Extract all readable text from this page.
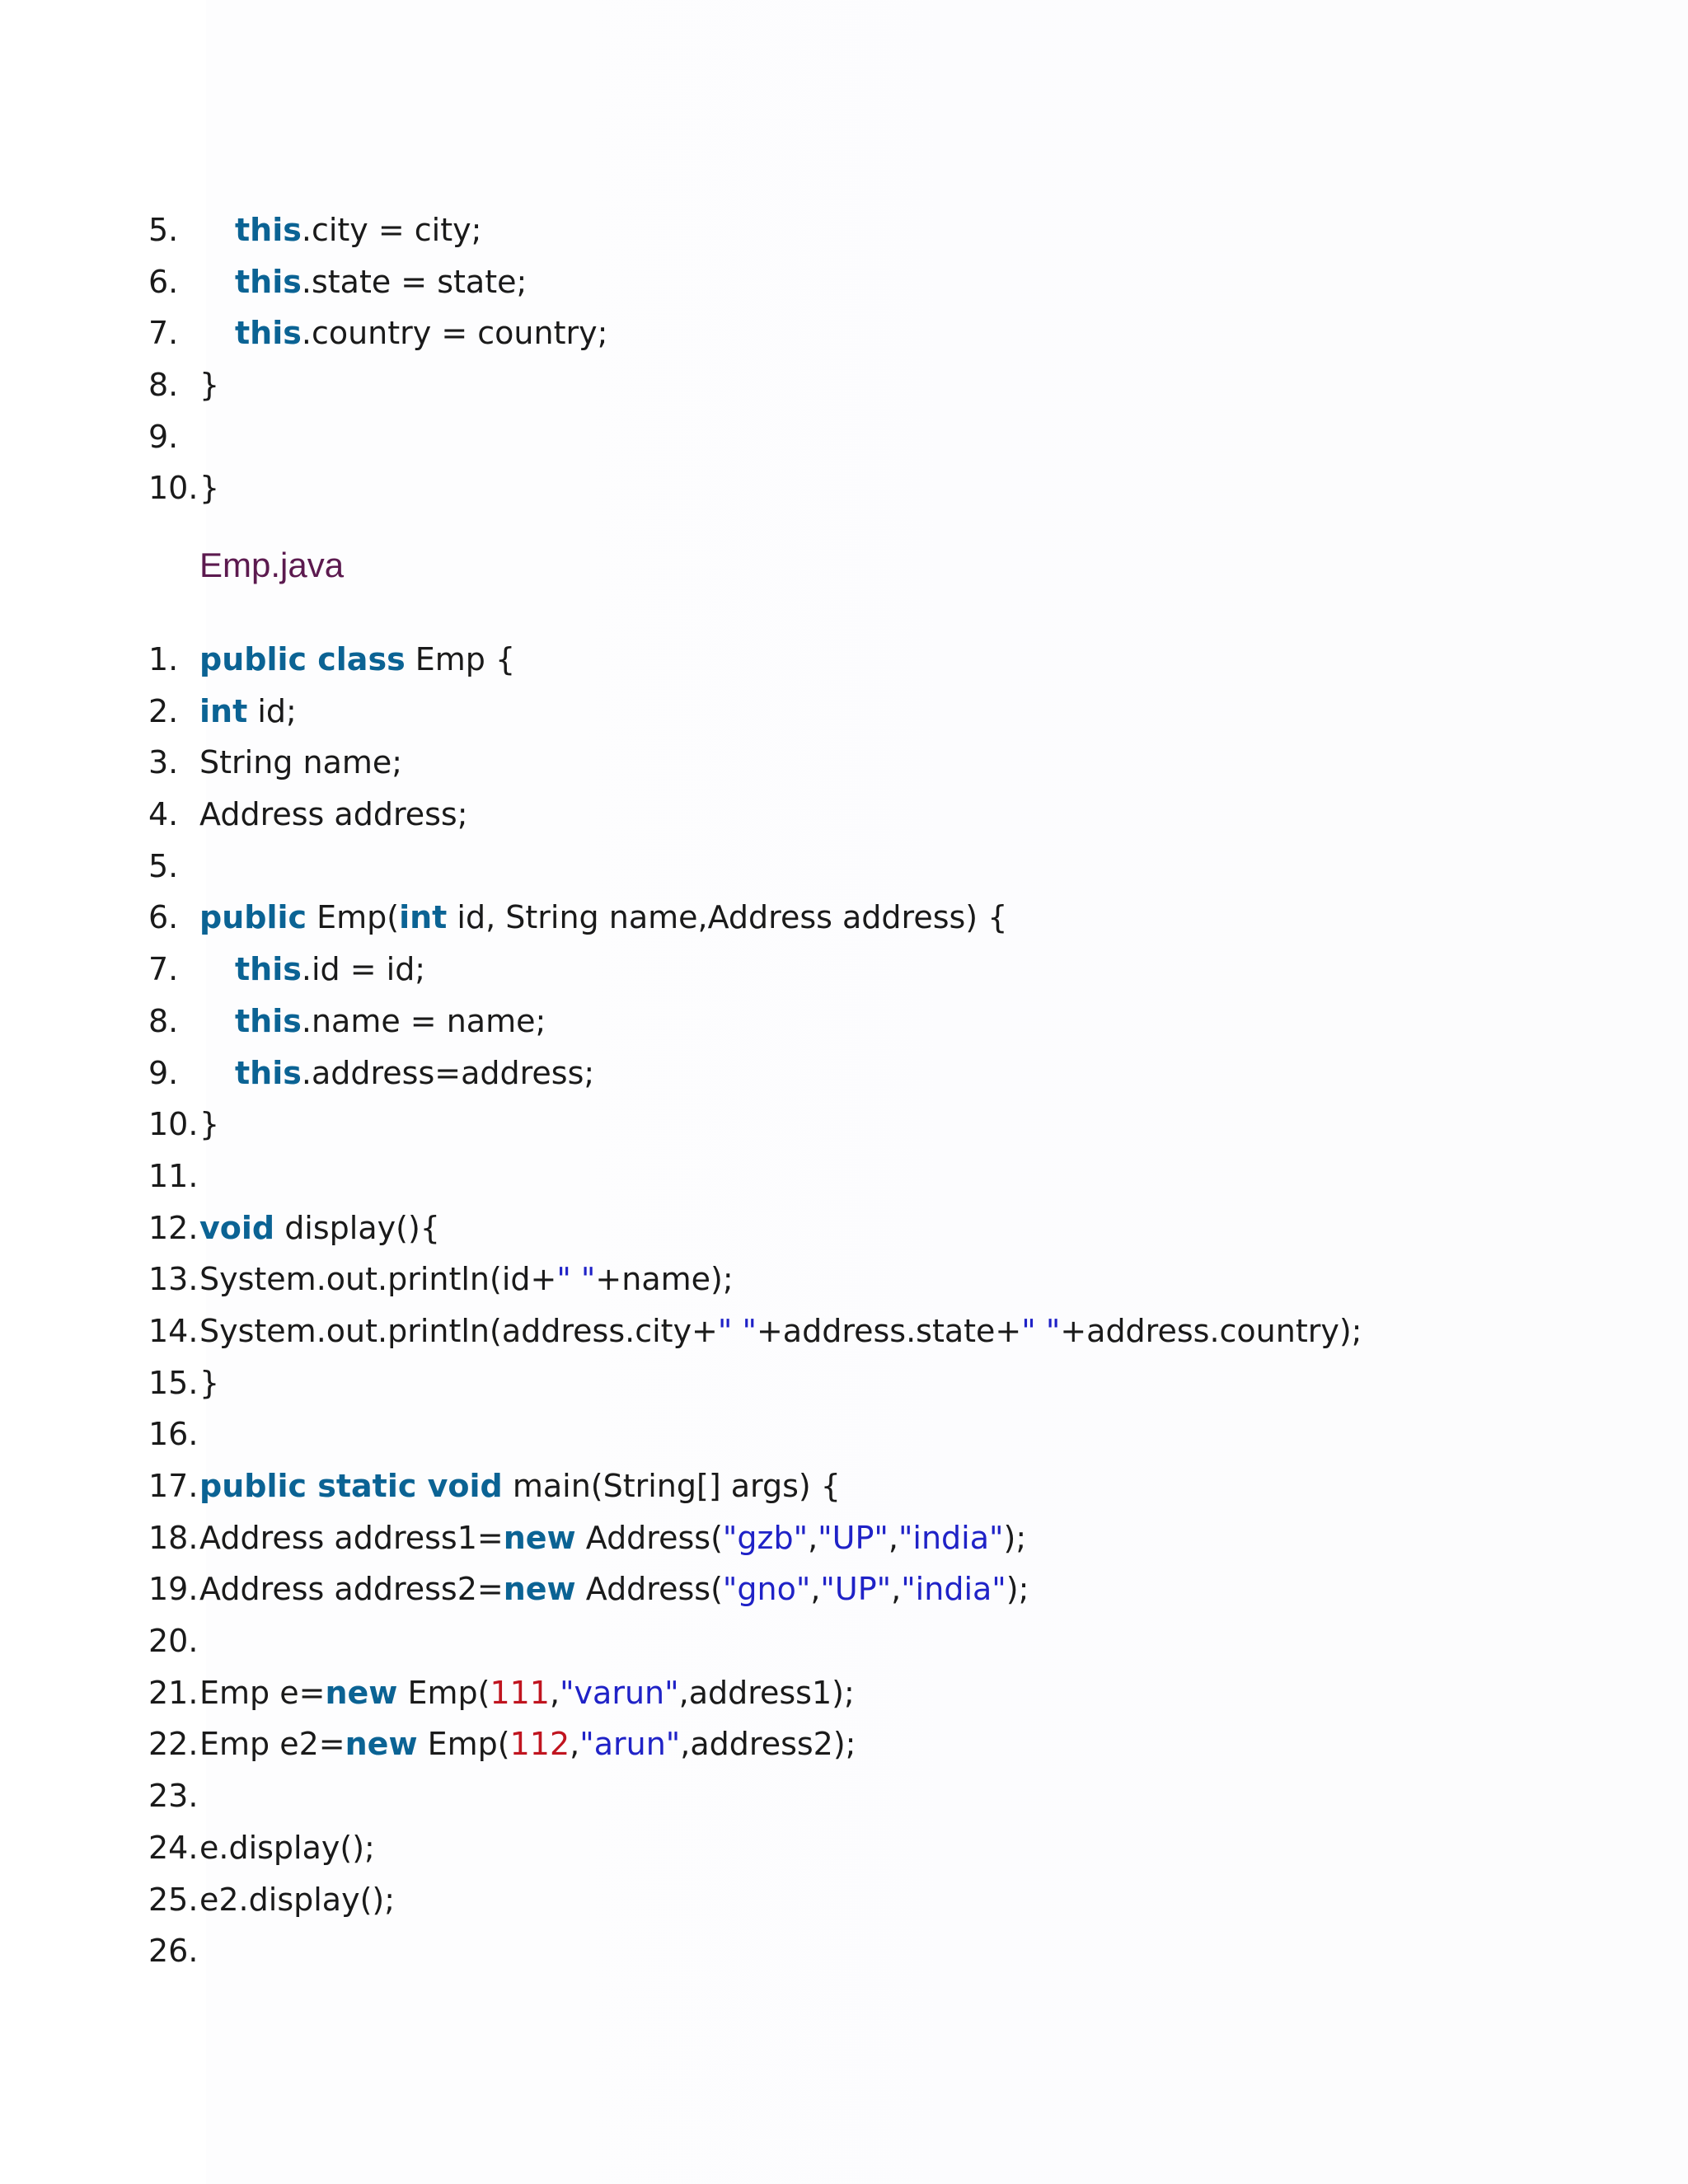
5. this.city = city;
6. this.state = state;
7. this.country = country;
8. }
9.
10. }
Emp.java
1. public class Emp {
2. int id;
3. String name;
4. Address address;
5.
6. public Emp(int id, String name,Address address) {
7. this.id = id;
8. this.name = name;
9. this.address=address;
10. }
11.
12. void display(){
13. System.out.println(id+" "+name);
14. System.out.println(address.city+" "+address.state+" "+address.country);
15. }
16.
17. public static void main(String[] args) {
18. Address address1=new Address("gzb","UP","india");
19. Address address2=new Address("gno","UP","india");
20.
21. Emp e=new Emp(111,"varun",address1);
22. Emp e2=new Emp(112,"arun",address2);
23.
24. e.display();
25. e2.display();
26.
